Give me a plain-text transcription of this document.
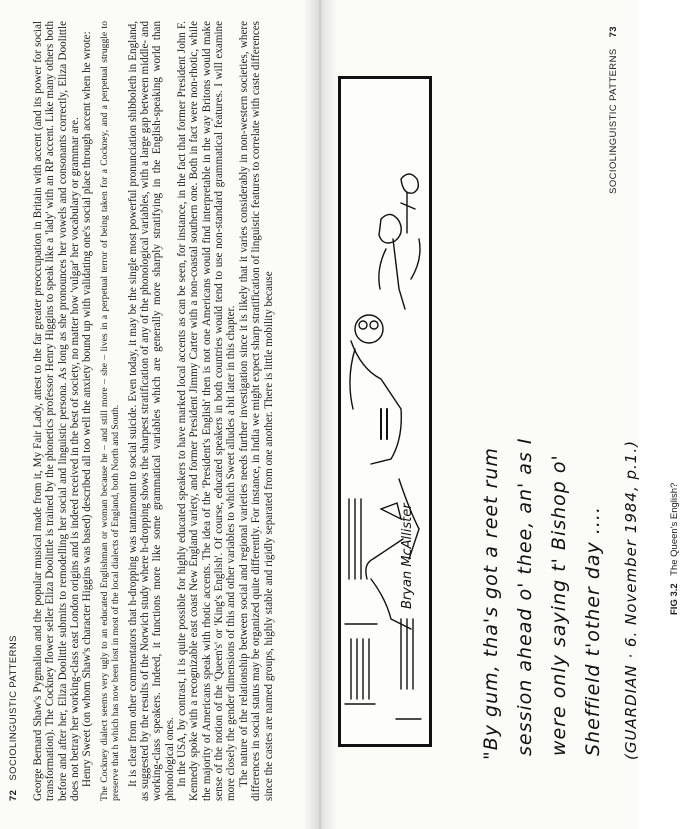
72 SOCIOLINGUISTIC PATTERNS	George Bernard Shaw's Pygmalion and the popular musical made from it, My Fair Lady, attest to the far greater preoccupation in Britain with accent (and its power for social transformation). The Cockney flower seller Eliza Doolittle is trained by the phonetics professor Henry Higgins to speak like a 'lady' with an RP accent. Like many others both before and after her, Eliza Doolittle submits to remodelling her social and linguistic persona. As long as she pronounces her vowels and consonants correctly, Eliza Doolittle does not betray her working-class east London origins and is indeed received in the best of society, no matter how 'vulgar' her vocabulary or grammar are. Henry Sweet (on whom Shaw's character Higgins was based) described all too well the anxiety bound up with validating one's social place through accent when he wrote: The Cockney dialect seems very ugly to an educated Englishman or woman because he – and still more – she – lives in a perpetual terror of being taken for a Cockney, and a perpetual struggle to preserve that h which has now been lost in most of the local dialects of England, both North and South. It is clear from other commentators that h-dropping was tantamount to social suicide. Even today, it may be the single most powerful pronunciation shibboleth in England, as suggested by the results of the Norwich study where h-dropping shows the sharpest stratification of any of the phonological variables, with a large gap between middle- and working-class speakers. Indeed, it functions more like some grammatical variables which are generally more sharply stratifying in the English-speaking world than phonological ones. In the USA, by contrast, it is quite possible for highly educated speakers to have marked local accents as can be seen, for instance, in the fact that former President John F. Kennedy spoke with a recognizable east coast New England variety, and former President Jimmy Carter with a non-coastal southern one. Both in fact were non-rhotic, while the majority of Americans speak with rhotic accents. The idea of the 'President's English' then is not one Americans would find interpretable in the way Britons would make sense of the notion of the 'Queen's' or 'King's English'. Of course, educated speakers in both countries would tend to use non-standard grammatical features. I will examine more closely the gender dimensions of this and other variables to which Sweet alludes a bit later in this chapter. The nature of the relationship between social and regional varieties needs further investigation since it is likely that it varies considerably in non-western societies, where differences in social status may be organized quite differently. For instance, in India we might expect sharp stratification of linguistic features to correlate with caste differences since the castes are named groups, highly stable and rigidly separated from one another. There is little mobility because

SOCIOLINGUISTIC PATTERNS 73
Bryan McAllister	"By gum, tha's got a reet rum session ahead o' thee, an' as I were only saying t' Bishop o' Sheffield t'other day .... (GUARDIAN · 6. November 1984, p.1.)	FIG 3.2 The Queen's English?
